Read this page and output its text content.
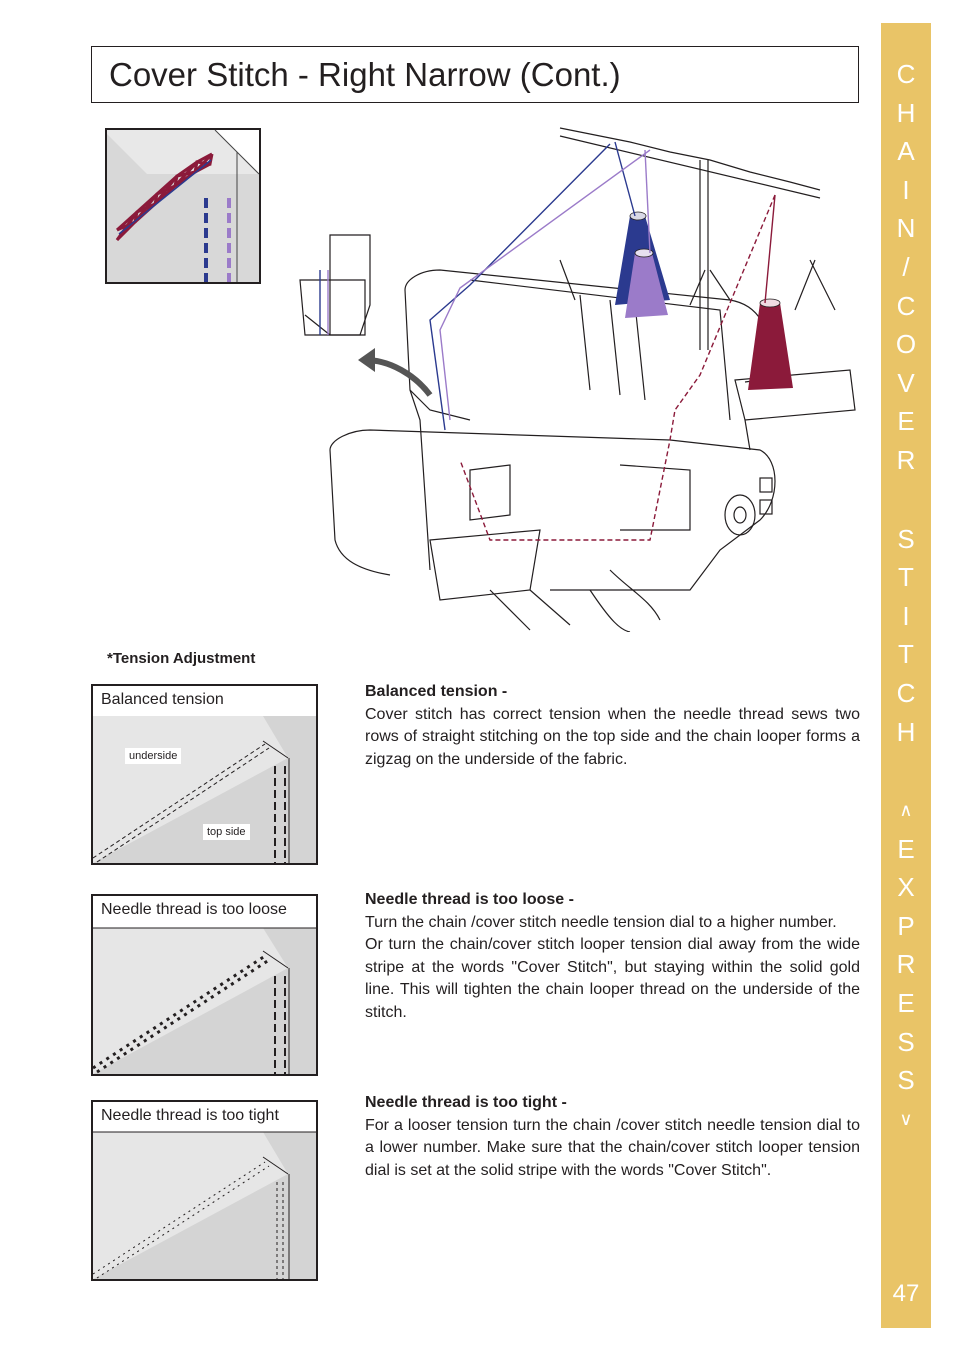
Cover Stitch - Right Narrow (Cont.)	C
H
A
I
N
/
C
O
V
E
R
S
T
I
T
C
H
∧
E
X
P
R
E
S
S
∨
47
*Tension Adjustment
Balanced tension
underside
top side
Needle thread is too loose
Needle thread is too tight
Balanced tension -

Cover stitch has correct tension when the needle thread sews two rows of straight stitching on the top side and the chain looper forms a zigzag on the underside of the fabric.

Needle thread is too loose -

Turn the chain /cover stitch needle tension dial to a higher number.

Or turn the chain/cover stitch looper tension dial away from the wide stripe at the words "Cover Stitch", but staying within the solid gold line. This will tighten the chain looper thread on the underside of the stitch.

Needle thread is too tight -

For a looser tension turn the chain /cover stitch needle tension dial to a lower number. Make sure that the chain/cover stitch looper tension dial is set at the solid stripe with the words "Cover Stitch".
